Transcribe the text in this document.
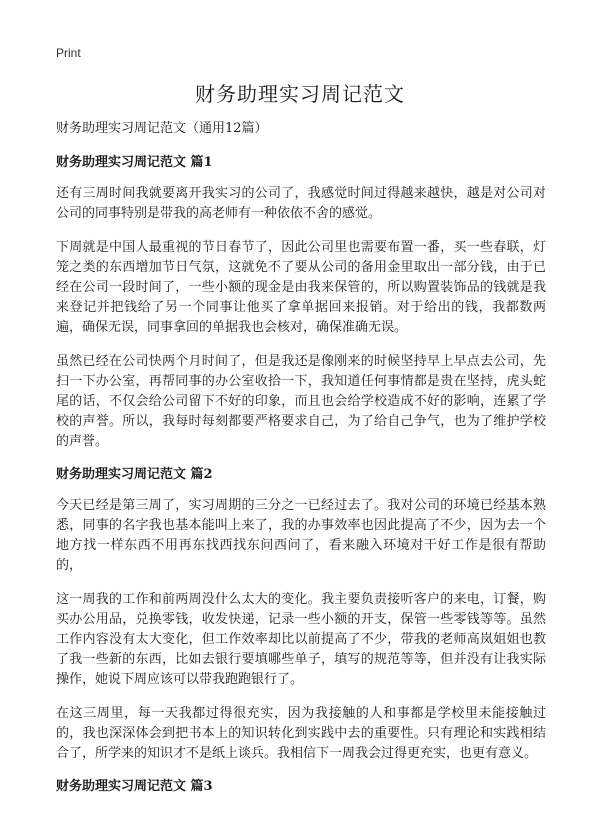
Print
财务助理实习周记范文

财务助理实习周记范文（通用12篇）

财务助理实习周记范文 篇1

还有三周时间我就要离开我实习的公司了，我感觉时间过得越来越快，越是对公司对公司的同事特别是带我的高老师有一种依依不舍的感觉。

下周就是中国人最重视的节日春节了，因此公司里也需要布置一番，买一些春联，灯笼之类的东西增加节日气氛，这就免不了要从公司的备用金里取出一部分钱，由于已经在公司一段时间了，一些小额的现金是由我来保管的，所以购置装饰品的钱就是我来登记并把钱给了另一个同事让他买了拿单据回来报销。对于给出的钱，我都数两遍，确保无误，同事拿回的单据我也会核对，确保准确无误。

虽然已经在公司快两个月时间了，但是我还是像刚来的时候坚持早上早点去公司，先扫一下办公室，再帮同事的办公室收拾一下，我知道任何事情都是贵在坚持，虎头蛇尾的话，不仅会给公司留下不好的印象，而且也会给学校造成不好的影响，连累了学校的声誉。所以，我每时每刻都要严格要求自己，为了给自己争气，也为了维护学校的声誉。

财务助理实习周记范文 篇2

今天已经是第三周了，实习周期的三分之一已经过去了。我对公司的环境已经基本熟悉，同事的名字我也基本能叫上来了，我的办事效率也因此提高了不少，因为去一个地方找一样东西不用再东找西找东问西问了，看来融入环境对干好工作是很有帮助的，

这一周我的工作和前两周没什么太大的变化。我主要负责接听客户的来电，订餐，购买办公用品，兑换零钱，收发快递，记录一些小额的开支，保管一些零钱等等。虽然工作内容没有太大变化，但工作效率却比以前提高了不少，带我的老师高岚姐姐也教了我一些新的东西，比如去银行要填哪些单子，填写的规范等等，但并没有让我实际操作，她说下周应该可以带我跑跑银行了。

在这三周里，每一天我都过得很充实，因为我接触的人和事都是学校里未能接触过的，我也深深体会到把书本上的知识转化到实践中去的重要性。只有理论和实践相结合了，所学来的知识才不是纸上谈兵。我相信下一周我会过得更充实，也更有意义。

财务助理实习周记范文 篇3
